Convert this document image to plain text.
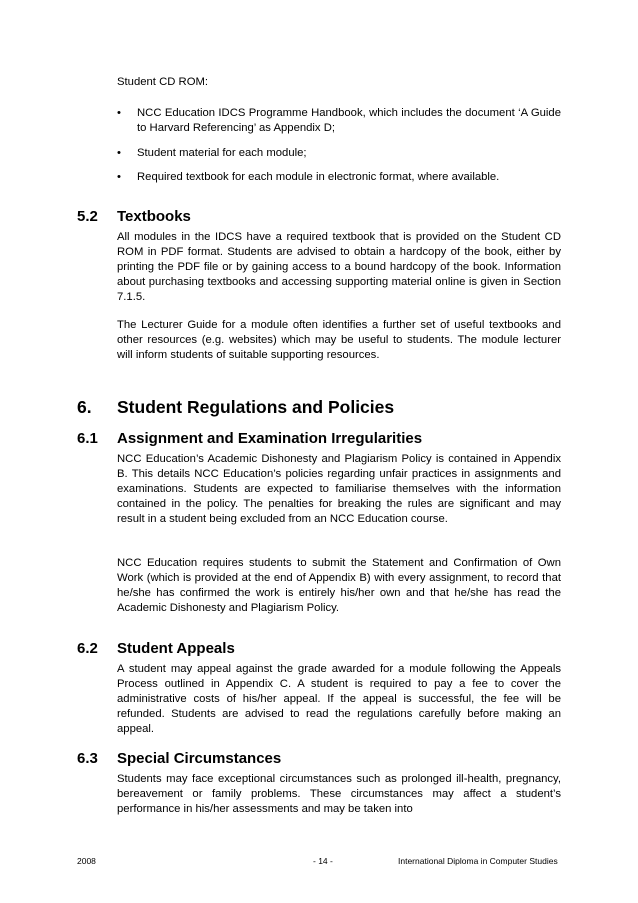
Student CD ROM:
•	NCC Education IDCS Programme Handbook, which includes the document ‘A Guide to Harvard Referencing’ as Appendix D;
•	Student material for each module;
•	Required textbook for each module in electronic format, where available.
5.2 Textbooks
All modules in the IDCS have a required textbook that is provided on the Student CD ROM in PDF format. Students are advised to obtain a hardcopy of the book, either by printing the PDF file or by gaining access to a bound hardcopy of the book. Information about purchasing textbooks and accessing supporting material online is given in Section 7.1.5.
The Lecturer Guide for a module often identifies a further set of useful textbooks and other resources (e.g. websites) which may be useful to students. The module lecturer will inform students of suitable supporting resources.
6. Student Regulations and Policies
6.1 Assignment and Examination Irregularities
NCC Education’s Academic Dishonesty and Plagiarism Policy is contained in Appendix B. This details NCC Education’s policies regarding unfair practices in assignments and examinations. Students are expected to familiarise themselves with the information contained in the policy. The penalties for breaking the rules are significant and may result in a student being excluded from an NCC Education course.
NCC Education requires students to submit the Statement and Confirmation of Own Work (which is provided at the end of Appendix B) with every assignment, to record that he/she has confirmed the work is entirely his/her own and that he/she has read the Academic Dishonesty and Plagiarism Policy.
6.2 Student Appeals
A student may appeal against the grade awarded for a module following the Appeals Process outlined in Appendix C. A student is required to pay a fee to cover the administrative costs of his/her appeal. If the appeal is successful, the fee will be refunded. Students are advised to read the regulations carefully before making an appeal.
6.3 Special Circumstances
Students may face exceptional circumstances such as prolonged ill-health, pregnancy, bereavement or family problems. These circumstances may affect a student’s performance in his/her assessments and may be taken into
2008	- 14 -	International Diploma in Computer Studies
